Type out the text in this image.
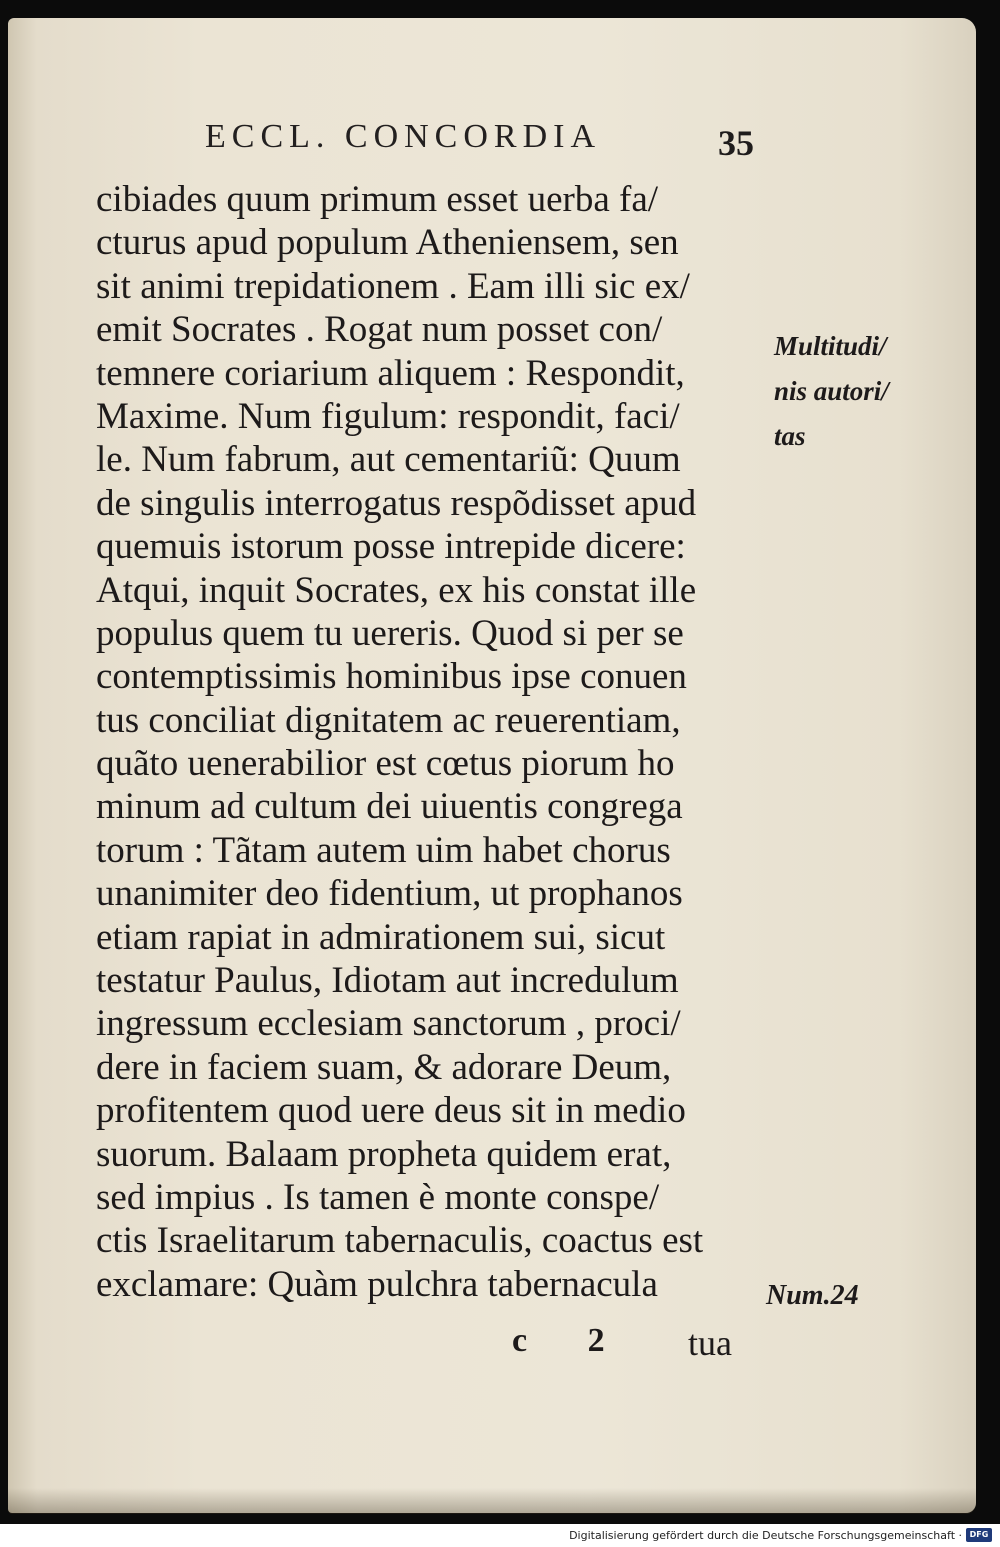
ECCL. CONCORDIA	35
cibiades quum primum esset uerba fa/
cturus apud populum Atheniensem, sen
sit animi trepidationem . Eam illi sic ex/
emit Socrates . Rogat num posset con/
temnere coriarium aliquem : Respondit,
Maxime. Num figulum: respondit, faci/
le. Num fabrum, aut cementariũ: Quum
de singulis interrogatus respõdisset apud
quemuis istorum posse intrepide dicere:
Atqui, inquit Socrates, ex his constat ille
populus quem tu uereris. Quod si per se
contemptissimis hominibus ipse conuen
tus conciliat dignitatem ac reuerentiam,
quãto uenerabilior est cœtus piorum ho
minum ad cultum dei uiuentis congrega
torum : Tãtam autem uim habet chorus
unanimiter deo fidentium, ut prophanos
etiam rapiat in admirationem sui, sicut
testatur Paulus, Idiotam aut incredulum
ingressum ecclesiam sanctorum , proci/
dere in faciem suam, & adorare Deum,
profitentem quod uere deus sit in medio
suorum. Balaam propheta quidem erat,
sed impius . Is tamen è monte conspe/
ctis Israelitarum tabernaculis, coactus est
exclamare: Quàm pulchra tabernacula
Multitudi/
nis autori/
tas
Num.24
c 2 tua
Digitalisierung gefördert durch die Deutsche Forschungsgemeinschaft · DFG
